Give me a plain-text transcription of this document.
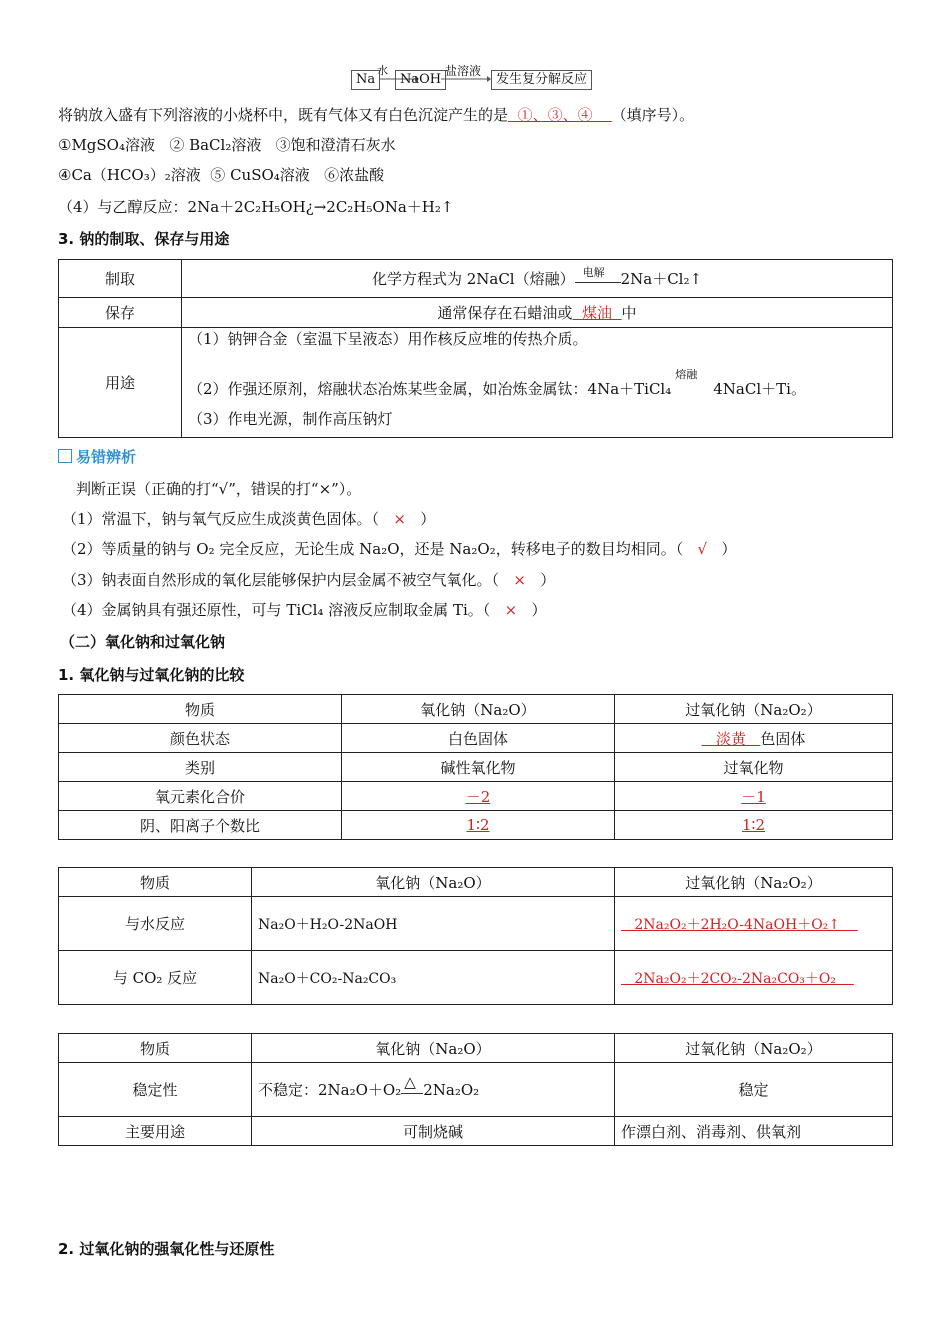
Na
水
NaOH
盐溶液
发生复分解反应
将钠放入盛有下列溶液的小烧杯中，既有气体又有白色沉淀产生的是 ①、③、④ （填序号）。
①MgSO₄溶液 ② BaCl₂溶液 ③饱和澄清石灰水
④Ca（HCO₃）₂溶液 ⑤ CuSO₄溶液 ⑥浓盐酸
（4）与乙醇反应：2Na＋2C₂H₅OH¿→2C₂H₅ONa＋H₂↑
3. 钠的制取、保存与用途
制取	化学方程式为 2NaCl（熔融） 电解 2Na＋Cl₂↑
保存	通常保存在石蜡油或 煤油 中
用途	（1）钠钾合金（室温下呈液态）用作核反应堆的传热介质。
（2）作强还原剂，熔融状态冶炼某些金属，如冶炼金属钛：4Na＋TiCl₄
熔融
4NaCl＋Ti。
（3）作电光源，制作高压钠灯
易错辨析
判断正误（正确的打“√”，错误的打“×”）。
（1）常温下，钠与氧气反应生成淡黄色固体。（ × ）
（2）等质量的钠与 O₂ 完全反应，无论生成 Na₂O，还是 Na₂O₂，转移电子的数目均相同。（ √ ）
（3）钠表面自然形成的氧化层能够保护内层金属不被空气氧化。（ × ）
（4）金属钠具有强还原性，可与 TiCl₄ 溶液反应制取金属 Ti。（ × ）
（二）氧化钠和过氧化钠
1. 氧化钠与过氧化钠的比较
物质	氧化钠（Na₂O）	过氧化钠（Na₂O₂）
颜色状态	白色固体	淡黄 色固体
类别	碱性氧化物	过氧化物
氧元素化合价	－2	－1
阴、阳离子个数比	1∶2	1∶2
物质	氧化钠（Na₂O）	过氧化钠（Na₂O₂）
与水反应	Na₂O＋H₂O-2NaOH	2Na₂O₂＋2H₂O-4NaOH＋O₂↑
与 CO₂ 反应	Na₂O＋CO₂-Na₂CO₃	2Na₂O₂＋2CO₂-2Na₂CO₃＋O₂
物质	氧化钠（Na₂O）	过氧化钠（Na₂O₂）
稳定性	不稳定：2Na₂O＋O₂ △ 2Na₂O₂	稳定
主要用途	可制烧碱	作漂白剂、消毒剂、供氧剂
2. 过氧化钠的强氧化性与还原性
